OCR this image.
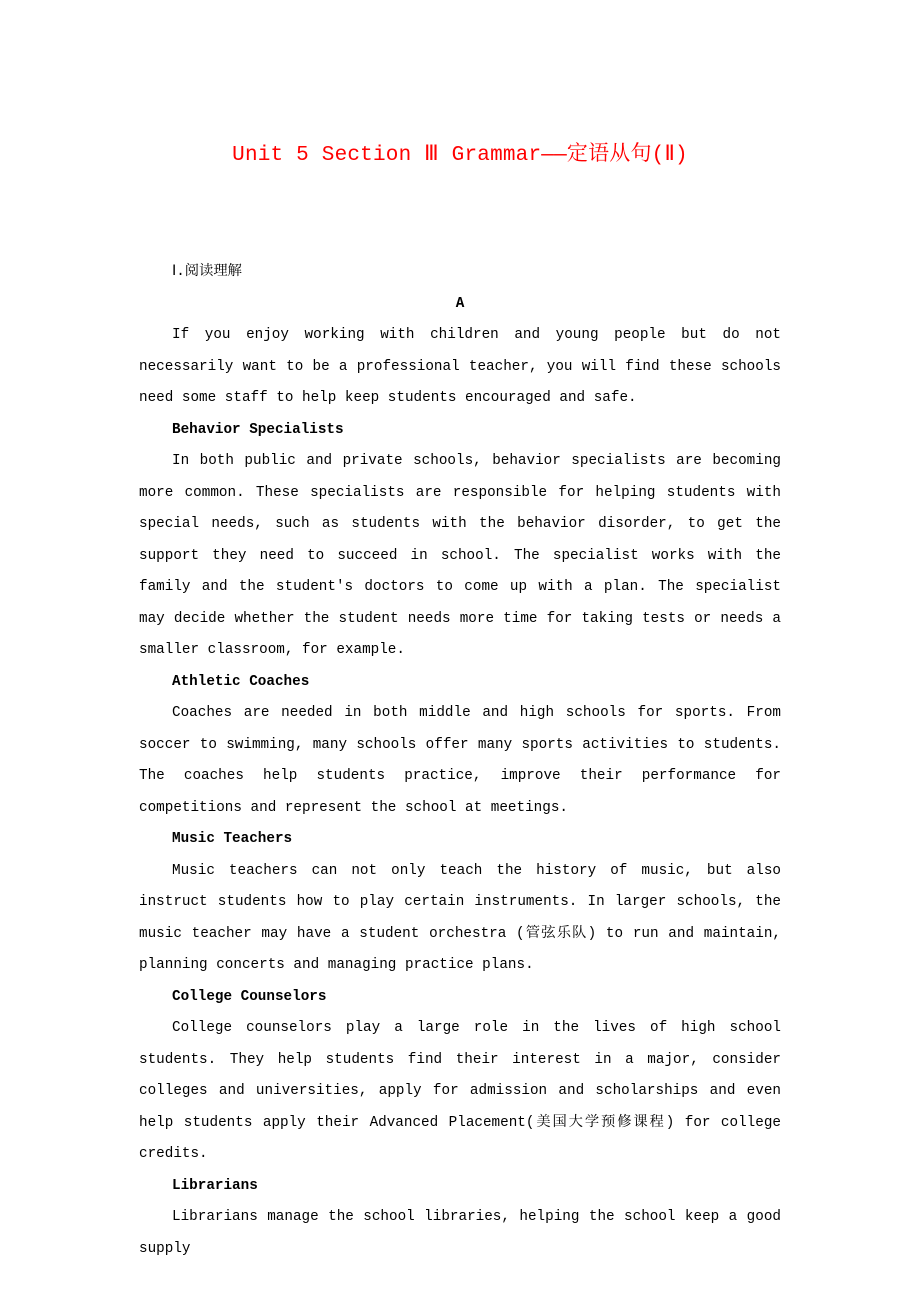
Unit 5 Section Ⅲ Grammar——定语从句(Ⅱ)
Ⅰ.阅读理解
A

If you enjoy working with children and young people but do not necessarily want to be a professional teacher, you will find these schools need some staff to help keep students encouraged and safe.

Behavior Specialists

In both public and private schools, behavior specialists are becoming more common. These specialists are responsible for helping students with special needs, such as students with the behavior disorder, to get the support they need to succeed in school. The specialist works with the family and the student's doctors to come up with a plan. The specialist may decide whether the student needs more time for taking tests or needs a smaller classroom, for example.

Athletic Coaches

Coaches are needed in both middle and high schools for sports. From soccer to swimming, many schools offer many sports activities to students. The coaches help students practice, improve their performance for competitions and represent the school at meetings.

Music Teachers

Music teachers can not only teach the history of music, but also instruct students how to play certain instruments. In larger schools, the music teacher may have a student orchestra (管弦乐队) to run and maintain, planning concerts and managing practice plans.

College Counselors

College counselors play a large role in the lives of high school students. They help students find their interest in a major, consider colleges and universities, apply for admission and scholarships and even help students apply their Advanced Placement(美国大学预修课程) for college credits.

Librarians

Librarians manage the school libraries, helping the school keep a good supply
